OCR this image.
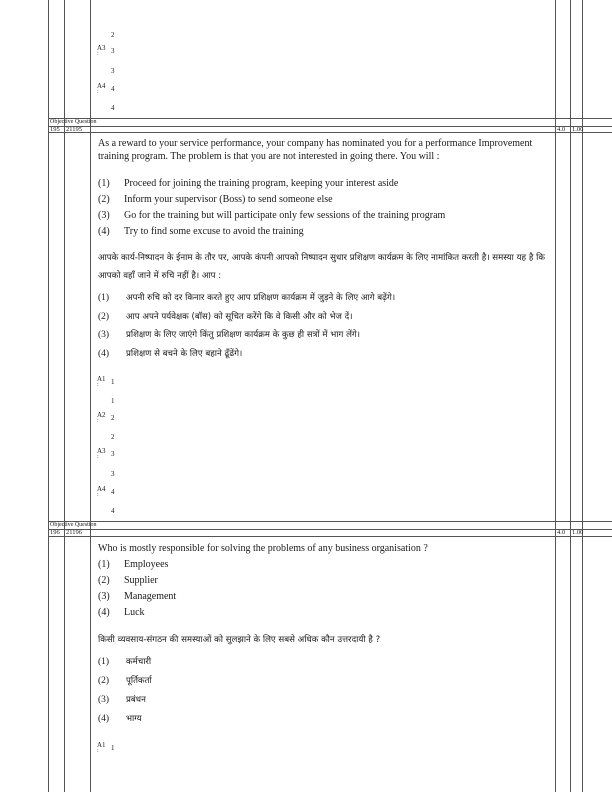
2
A3
:	3
3
A4
:	4
4
Objective Question
195 21195	4.0 1.00
As a reward to your service performance, your company has nominated you for a performance Improvement training program. The problem is that you are not interested in going there. You will :
(1) Proceed for joining the training program, keeping your interest aside
(2) Inform your supervisor (Boss) to send someone else
(3) Go for the training but will participate only few sessions of the training program
(4) Try to find some excuse to avoid the training
आपके कार्य-निष्पादन के ईनाम के तौर पर, आपके कंपनी आपको निष्पादन सुधार प्रशिक्षण कार्यक्रम के लिए नामांकित करती है। समस्या यह है कि आपको वहाँ जाने में रुचि नहीं है। आप :
(1) अपनी रुचि को दर किनार करते हुए आप प्रशिक्षण कार्यक्रम में जुड़ने के लिए आगे बढ़ेंगे।
(2) आप अपने पर्यवेक्षक (बॉस) को सूचित करेंगे कि वे किसी और को भेज दें।
(3) प्रशिक्षण के लिए जाएंगे किंतु प्रशिक्षण कार्यक्रम के कुछ ही सत्रों में भाग लेंगे।
(4) प्रशिक्षण से बचने के लिए बहाने ढूँढेंगे।
A1
:	1
1
A2
:	2
2
A3
:	3
3
A4
:	4
4
Objective Question
196 21196	4.0 1.00
Who is mostly responsible for solving the problems of any business organisation ?
(1) Employees
(2) Supplier
(3) Management
(4) Luck
किसी व्यवसाय-संगठन की समस्याओं को सुलझाने के लिए सबसे अधिक कौन उत्तरदायी है ?
(1) कर्मचारी
(2) पूर्तिकर्ता
(3) प्रबंधन
(4) भाग्य
A1
:	1
